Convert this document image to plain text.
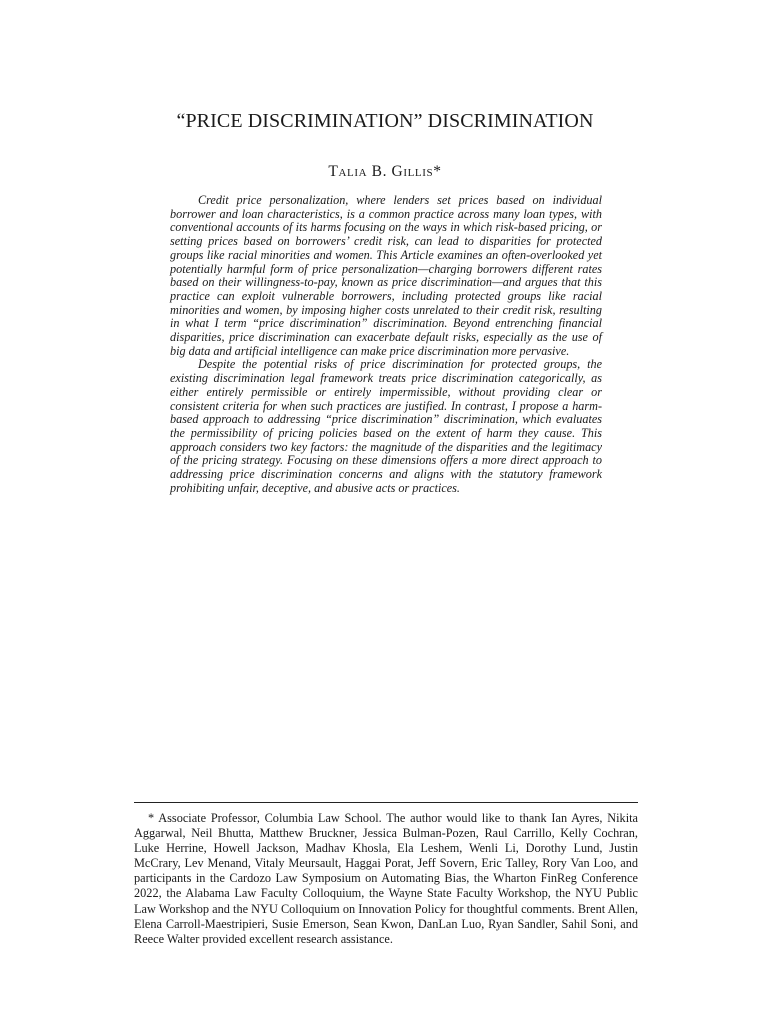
“PRICE DISCRIMINATION” DISCRIMINATION
Talia B. Gillis*

Credit price personalization, where lenders set prices based on individual borrower and loan characteristics, is a common practice across many loan types, with conventional accounts of its harms focusing on the ways in which risk-based pricing, or setting prices based on borrowers’ credit risk, can lead to disparities for protected groups like racial minorities and women. This Article examines an often-overlooked yet potentially harmful form of price personalization—charging borrowers different rates based on their willingness-to-pay, known as price discrimination—and argues that this practice can exploit vulnerable borrowers, including protected groups like racial minorities and women, by imposing higher costs unrelated to their credit risk, resulting in what I term “price discrimination” discrimination. Beyond entrenching financial disparities, price discrimination can exacerbate default risks, especially as the use of big data and artificial intelligence can make price discrimination more pervasive.

Despite the potential risks of price discrimination for protected groups, the existing discrimination legal framework treats price discrimination categorically, as either entirely permissible or entirely impermissible, without providing clear or consistent criteria for when such practices are justified. In contrast, I propose a harm-based approach to addressing “price discrimination” discrimination, which evaluates the permissibility of pricing policies based on the extent of harm they cause. This approach considers two key factors: the magnitude of the disparities and the legitimacy of the pricing strategy. Focusing on these dimensions offers a more direct approach to addressing price discrimination concerns and aligns with the statutory framework prohibiting unfair, deceptive, and abusive acts or practices.

* Associate Professor, Columbia Law School. The author would like to thank Ian Ayres, Nikita Aggarwal, Neil Bhutta, Matthew Bruckner, Jessica Bulman-Pozen, Raul Carrillo, Kelly Cochran, Luke Herrine, Howell Jackson, Madhav Khosla, Ela Leshem, Wenli Li, Dorothy Lund, Justin McCrary, Lev Menand, Vitaly Meursault, Haggai Porat, Jeff Sovern, Eric Talley, Rory Van Loo, and participants in the Cardozo Law Symposium on Automating Bias, the Wharton FinReg Conference 2022, the Alabama Law Faculty Colloquium, the Wayne State Faculty Workshop, the NYU Public Law Workshop and the NYU Colloquium on Innovation Policy for thoughtful comments. Brent Allen, Elena Carroll-Maestripieri, Susie Emerson, Sean Kwon, DanLan Luo, Ryan Sandler, Sahil Soni, and Reece Walter provided excellent research assistance.
